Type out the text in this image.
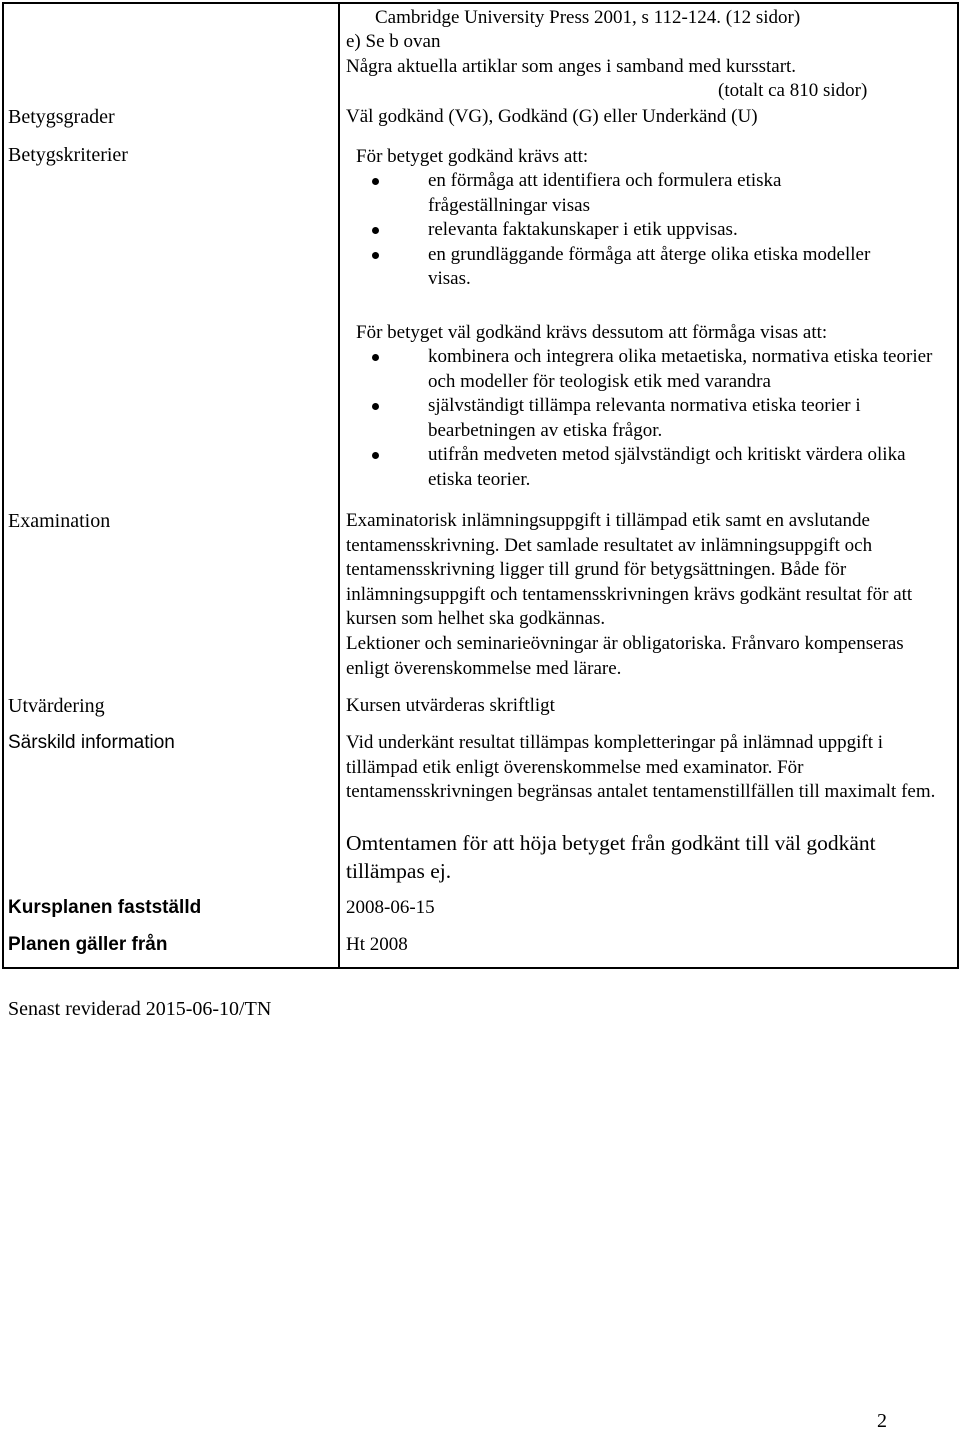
Cambridge University Press 2001, s 112-124. (12 sidor)
e) Se b ovan
Några aktuella artiklar som anges i samband med kursstart.
(totalt ca 810 sidor)
Betygsgrader	Väl godkänd (VG), Godkänd (G) eller Underkänd (U)
Betygskriterier	För betyget godkänd krävs att:
en förmåga att identifiera och formulera etiska frågeställningar visas
relevanta faktakunskaper i etik uppvisas.
en grundläggande förmåga att återge olika etiska modeller visas.
För betyget väl godkänd krävs dessutom att förmåga visas att:
kombinera och integrera olika metaetiska, normativa etiska teorier och modeller för teologisk etik med varandra
självständigt tillämpa relevanta normativa etiska teorier i bearbetningen av etiska frågor.
utifrån medveten metod självständigt och kritiskt värdera olika etiska teorier.
Examination	Examinatorisk inlämningsuppgift i tillämpad etik samt en avslutande tentamensskrivning. Det samlade resultatet av inlämningsuppgift och tentamensskrivning ligger till grund för betygsättningen. Både för inlämningsuppgift och tentamensskrivningen krävs godkänt resultat för att kursen som helhet ska godkännas.
Lektioner och seminarieövningar är obligatoriska. Frånvaro kompenseras enligt överenskommelse med lärare.
Utvärdering	Kursen utvärderas skriftligt
Särskild information	Vid underkänt resultat tillämpas kompletteringar på inlämnad uppgift i tillämpad etik enligt överenskommelse med examinator. För tentamensskrivningen begränsas antalet tentamenstillfällen till maximalt fem.
Omtentamen för att höja betyget från godkänt till väl godkänt tillämpas ej.
Kursplanen fastställd	2008-06-15
Planen gäller från	Ht 2008
Senast reviderad 2015-06-10/TN
2
